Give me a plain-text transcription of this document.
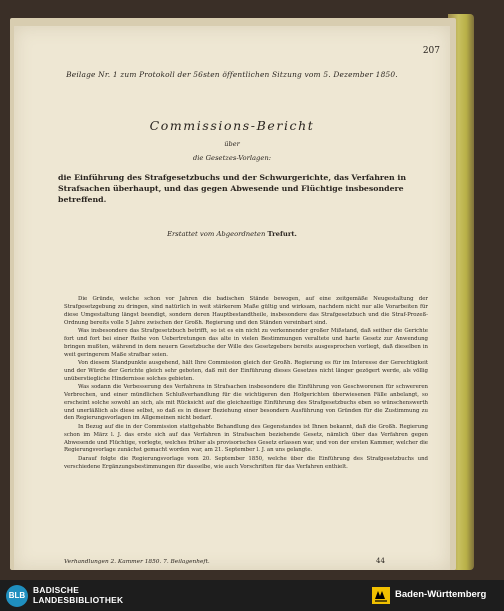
207
Beilage Nr. 1 zum Protokoll der 56sten öffentlichen Sitzung vom 5. Dezember 1850.
Commissions-Bericht
über
die Gesetzes-Vorlagen:
die Einführung des Strafgesetzbuchs und der Schwurgerichte, das Verfahren in Strafsachen überhaupt, und das gegen Abwesende und Flüchtige insbesondere betreffend.
Erstattet vom Abgeordneten Trefurt.

Die Gründe, welche schon vor Jahren die badischen Stände bewogen, auf eine zeitgemäße Neugestaltung der Strafgesetzgebung zu dringen, sind natürlich in weit stärkerem Maße gültig und wirksam, nachdem nicht nur alle Vorarbeiten für diese Umgestaltung längst beendigt, sondern deren Hauptbestandtheile, insbesondere das Strafgesetzbuch und die Straf-Prozeß-Ordnung bereits volle 5 Jahre zwischen der Großh. Regierung und den Ständen vereinbart sind.

Was insbesondere das Strafgesetzbuch betrifft, so ist es ein nicht zu verkennender großer Mißstand, daß seither die Gerichte fort und fort bei einer Reihe von Uebertretungen das alte in vielen Bestimmungen veraltete und harte Gesetz zur Anwendung bringen mußten, während in dem neuern Gesetzbuche der Wille des Gesetzgebers bereits ausgesprochen vorliegt, daß dieselben in weit geringerem Maße strafbar seien.

Von diesem Standpunkte ausgehend, hält Ihre Commission gleich der Großh. Regierung es für im Interesse der Gerechtigkeit und der Würde der Gerichte gleich sehr geboten, daß mit der Einführung dieses Gesetzes nicht länger gezögert werde, als völlig unüberstiegliche Hindernisse solches gebieten.

Was sodann die Verbesserung des Verfahrens in Strafsachen insbesondere die Einführung von Geschworenen für schwereren Verbrechen, und einer mündlichen Schlußverhandlung für die wichtigeren den Hofgerichten überwiesenen Fälle anbelangt, so erscheint solche sowohl an sich, als mit Rücksicht auf die gleichzeitige Einführung des Strafgesetzbuchs eben so wünschenswerth und unerläßlich als diese selbst, so daß es in dieser Beziehung einer besondern Ausführung von Gründen für die Zustimmung zu den Regierungsvorlagen im Allgemeinen nicht bedarf.

In Bezug auf die in der Commission stattgehabte Behandlung des Gegenstandes ist Ihnen bekannt, daß die Großh. Regierung schon im März l. J. das erste sich auf das Verfahren in Strafsachen beziehende Gesetz, nämlich über das Verfahren gegen Abwesende und Flüchtige, vorlegte, welches früher als provisorisches Gesetz erlassen war, und von der ersten Kammer, welcher die Regierungsvorlage zunächst gemacht worden war, am 21. September l. J. an uns gelangte.

Darauf folgte die Regierungsvorlage vom 20. September 1850, welche über die Einführung des Strafgesetzbuchs und verschiedene Ergänzungsbestimmungen für dasselbe, wie auch Vorschriften für das Verfahren enthielt.

Verhandlungen 2. Kammer 1850. 7. Beilagenheft.	44
BLB
BADISCHE
LANDESBIBLIOTHEK	Baden-Württemberg
